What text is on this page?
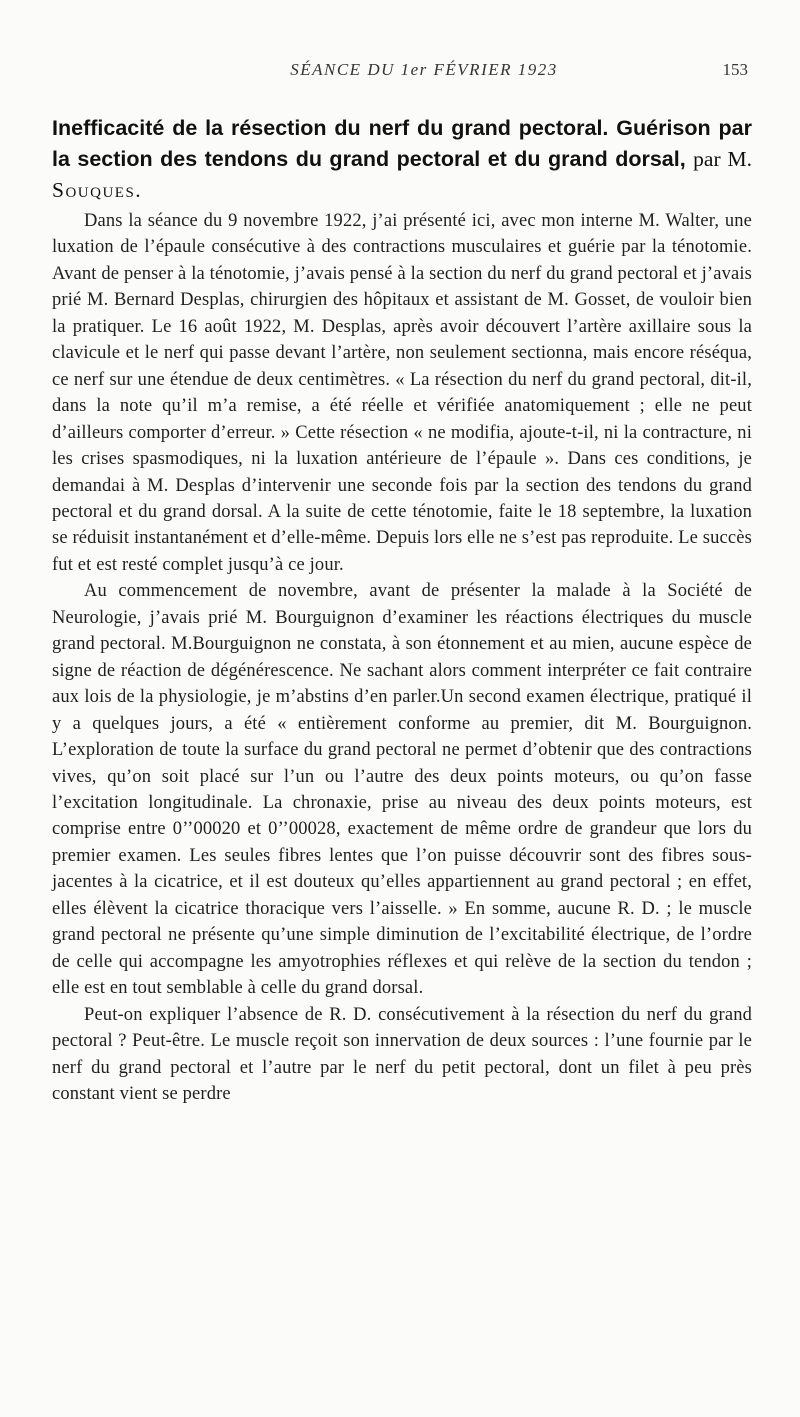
SÉANCE DU 1er FÉVRIER 1923	153
Inefficacité de la résection du nerf du grand pectoral. Guérison par la section des tendons du grand pectoral et du grand dorsal, par M. Souques.

Dans la séance du 9 novembre 1922, j’ai présenté ici, avec mon interne M. Walter, une luxation de l’épaule consécutive à des contractions musculaires et guérie par la ténotomie. Avant de penser à la ténotomie, j’avais pensé à la section du nerf du grand pectoral et j’avais prié M. Bernard Desplas, chirurgien des hôpitaux et assistant de M. Gosset, de vouloir bien la pratiquer. Le 16 août 1922, M. Desplas, après avoir découvert l’artère axillaire sous la clavicule et le nerf qui passe devant l’artère, non seulement sectionna, mais encore réséqua, ce nerf sur une étendue de deux centimètres. « La résection du nerf du grand pectoral, dit-il, dans la note qu’il m’a remise, a été réelle et vérifiée anatomiquement ; elle ne peut d’ailleurs comporter d’erreur. » Cette résection « ne modifia, ajoute-t-il, ni la contracture, ni les crises spasmodiques, ni la luxation antérieure de l’épaule ». Dans ces conditions, je demandai à M. Desplas d’intervenir une seconde fois par la section des tendons du grand pectoral et du grand dorsal. A la suite de cette ténotomie, faite le 18 septembre, la luxation se réduisit instantanément et d’elle-même. Depuis lors elle ne s’est pas reproduite. Le succès fut et est resté complet jusqu’à ce jour.

Au commencement de novembre, avant de présenter la malade à la Société de Neurologie, j’avais prié M. Bourguignon d’examiner les réactions électriques du muscle grand pectoral. M.Bourguignon ne constata, à son étonnement et au mien, aucune espèce de signe de réaction de dégénérescence. Ne sachant alors comment interpréter ce fait contraire aux lois de la physiologie, je m’abstins d’en parler.Un second examen électrique, pratiqué il y a quelques jours, a été « entièrement conforme au premier, dit M. Bourguignon. L’exploration de toute la surface du grand pectoral ne permet d’obtenir que des contractions vives, qu’on soit placé sur l’un ou l’autre des deux points moteurs, ou qu’on fasse l’excitation longitudinale. La chronaxie, prise au niveau des deux points moteurs, est comprise entre 0’’00020 et 0’’00028, exactement de même ordre de grandeur que lors du premier examen. Les seules fibres lentes que l’on puisse découvrir sont des fibres sous-jacentes à la cicatrice, et il est douteux qu’elles appartiennent au grand pectoral ; en effet, elles élèvent la cicatrice thoracique vers l’aisselle. » En somme, aucune R. D. ; le muscle grand pectoral ne présente qu’une simple diminution de l’excitabilité électrique, de l’ordre de celle qui accompagne les amyotrophies réflexes et qui relève de la section du tendon ; elle est en tout semblable à celle du grand dorsal.

Peut-on expliquer l’absence de R. D. consécutivement à la résection du nerf du grand pectoral ? Peut-être. Le muscle reçoit son innervation de deux sources : l’une fournie par le nerf du grand pectoral et l’autre par le nerf du petit pectoral, dont un filet à peu près constant vient se perdre
